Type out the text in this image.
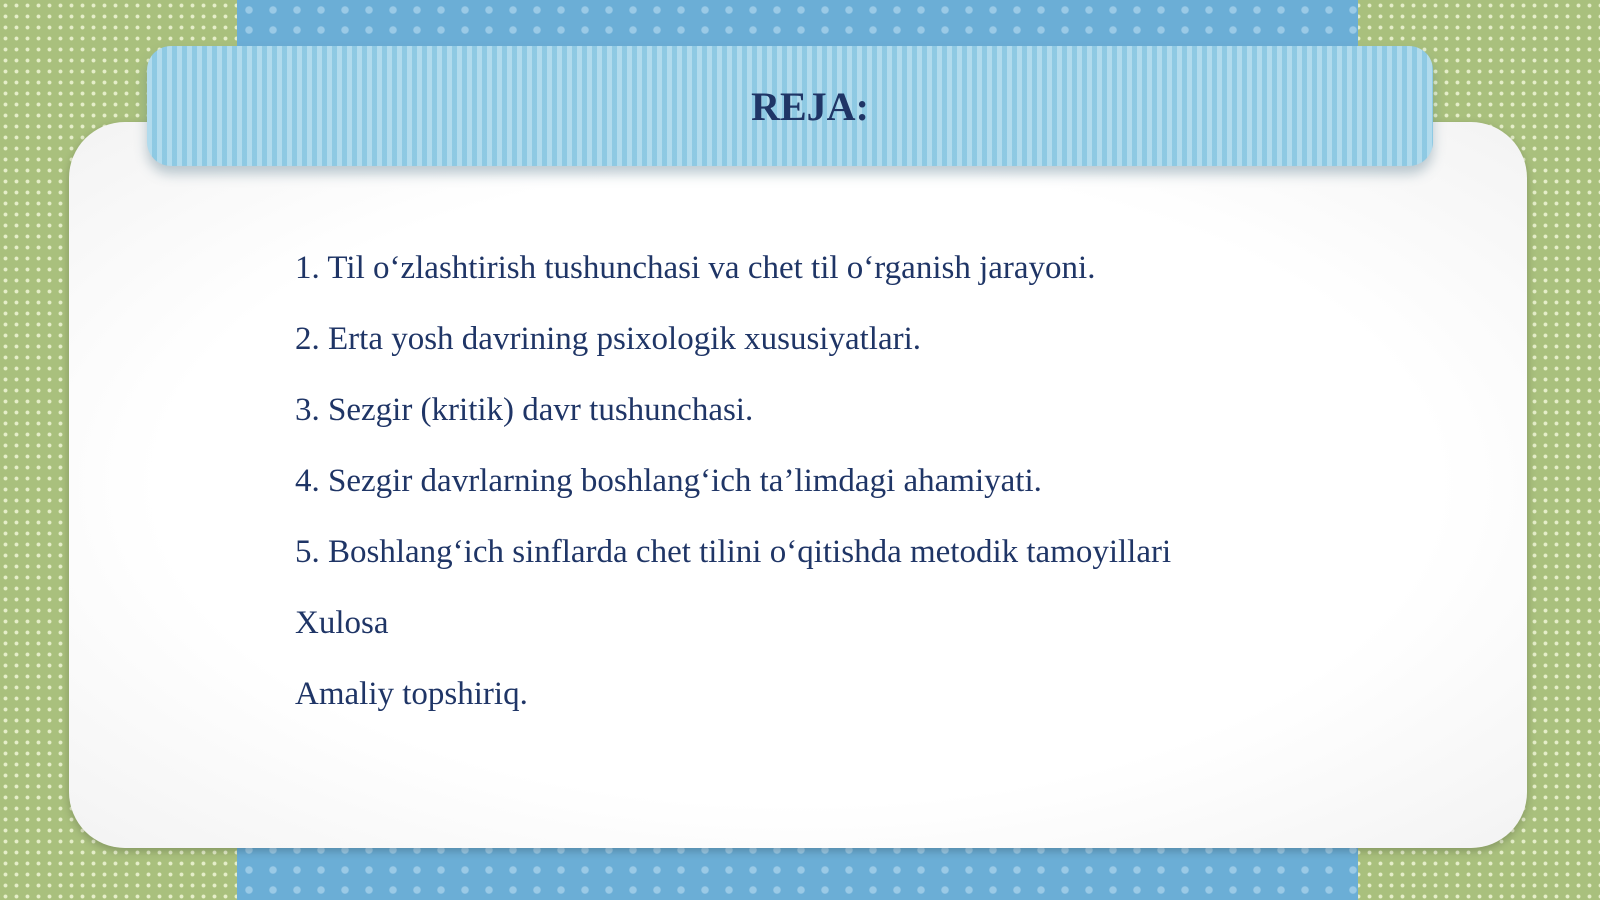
REJA:
1. Til o‘zlashtirish tushunchasi va chet til o‘rganish jarayoni.
2. Erta yosh davrining psixologik xususiyatlari.
3. Sezgir (kritik) davr tushunchasi.
4. Sezgir davrlarning boshlang‘ich ta’limdagi ahamiyati.
5. Boshlang‘ich sinflarda chet tilini o‘qitishda metodik tamoyillari
Xulosa
Amaliy topshiriq.
